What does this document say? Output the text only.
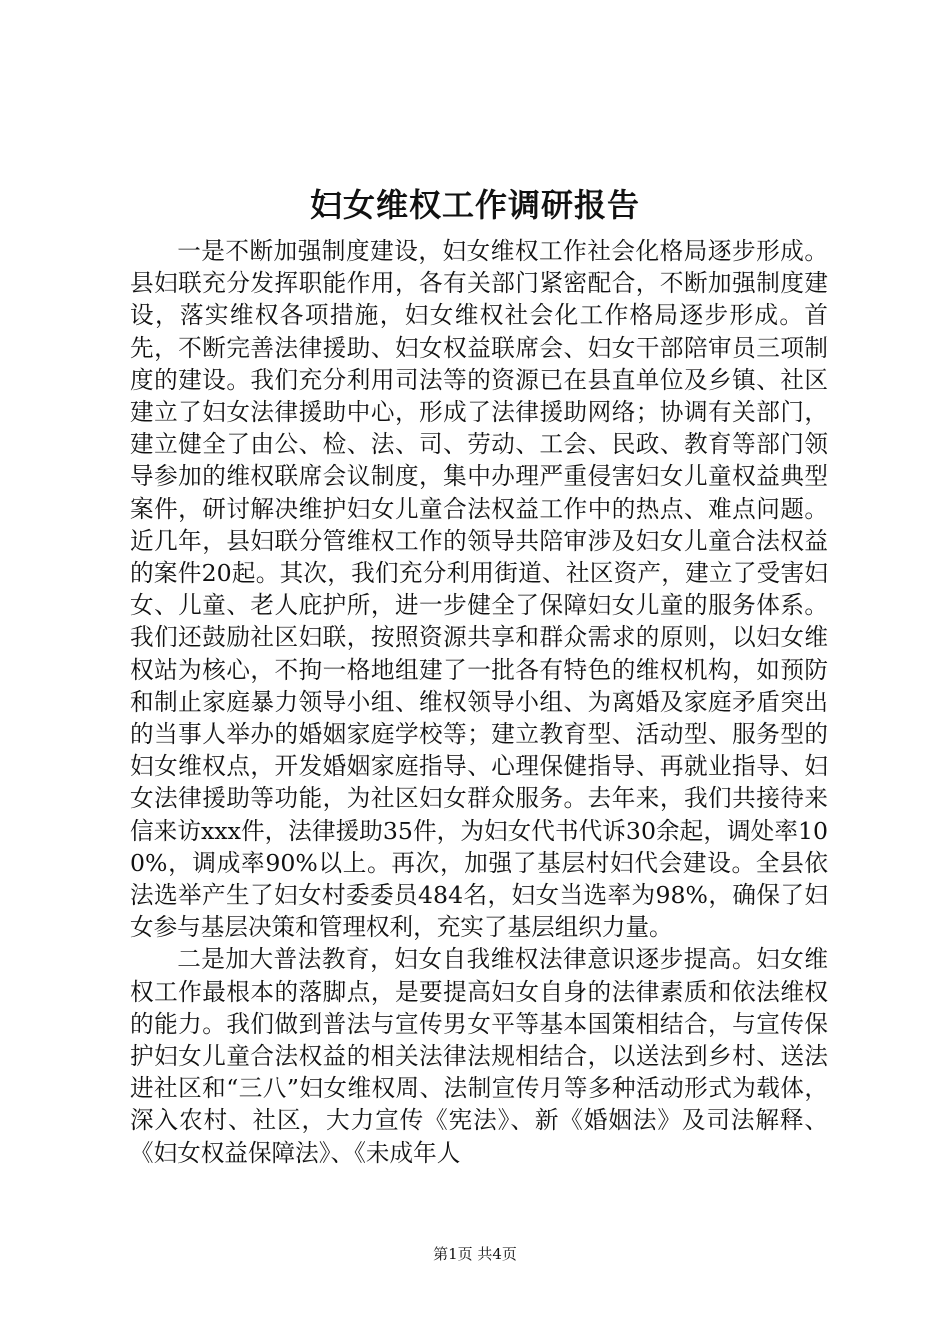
妇女维权工作调研报告

一是不断加强制度建设，妇女维权工作社会化格局逐步形成。县妇联充分发挥职能作用，各有关部门紧密配合，不断加强制度建设，落实维权各项措施，妇女维权社会化工作格局逐步形成。首先，不断完善法律援助、妇女权益联席会、妇女干部陪审员三项制度的建设。我们充分利用司法等的资源已在县直单位及乡镇、社区建立了妇女法律援助中心，形成了法律援助网络；协调有关部门，建立健全了由公、检、法、司、劳动、工会、民政、教育等部门领导参加的维权联席会议制度，集中办理严重侵害妇女儿童权益典型案件，研讨解决维护妇女儿童合法权益工作中的热点、难点问题。近几年，县妇联分管维权工作的领导共陪审涉及妇女儿童合法权益的案件20起。其次，我们充分利用街道、社区资产，建立了受害妇女、儿童、老人庇护所，进一步健全了保障妇女儿童的服务体系。我们还鼓励社区妇联，按照资源共享和群众需求的原则，以妇女维权站为核心，不拘一格地组建了一批各有特色的维权机构，如预防和制止家庭暴力领导小组、维权领导小组、为离婚及家庭矛盾突出的当事人举办的婚姻家庭学校等；建立教育型、活动型、服务型的妇女维权点，开发婚姻家庭指导、心理保健指导、再就业指导、妇女法律援助等功能，为社区妇女群众服务。去年来，我们共接待来信来访xxx件，法律援助35件，为妇女代书代诉30余起，调处率100%，调成率90%以上。再次，加强了基层村妇代会建设。全县依法选举产生了妇女村委委员484名，妇女当选率为98%，确保了妇女参与基层决策和管理权利，充实了基层组织力量。

二是加大普法教育，妇女自我维权法律意识逐步提高。妇女维权工作最根本的落脚点，是要提高妇女自身的法律素质和依法维权的能力。我们做到普法与宣传男女平等基本国策相结合，与宣传保护妇女儿童合法权益的相关法律法规相结合，以送法到乡村、送法进社区和“三八”妇女维权周、法制宣传月等多种活动形式为载体，深入农村、社区，大力宣传《宪法》、新《婚姻法》及司法解释、《妇女权益保障法》、《未成年人

第1页 共4页
